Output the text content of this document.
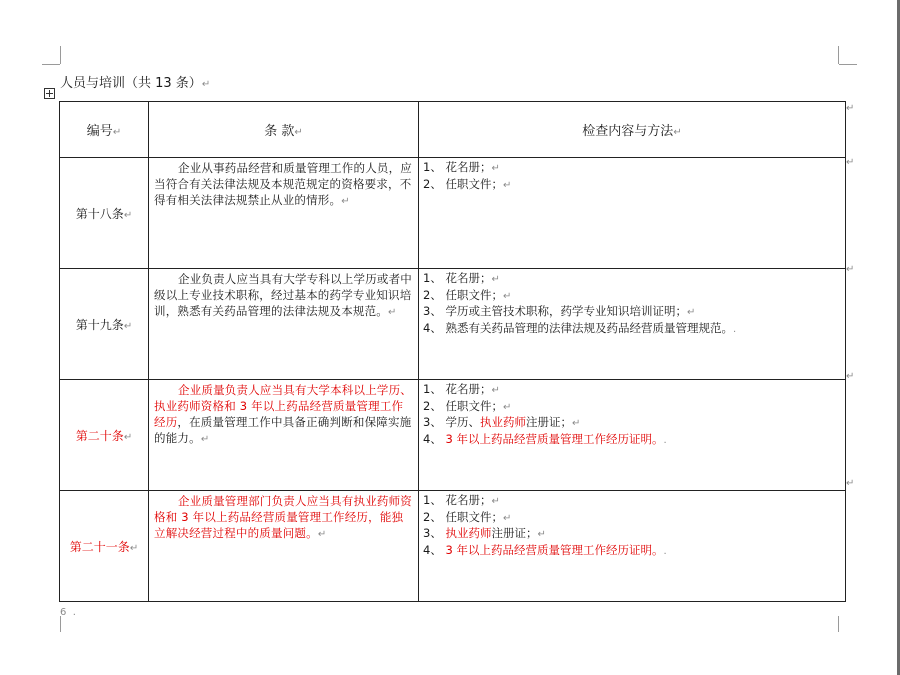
人员与培训（共 13 条）↵
编号↵	条 款↵	检查内容与方法↵
第十八条↵	企业从事药品经营和质量管理工作的人员，应当符合有关法律法规及本规范规定的资格要求，不得有相关法律法规禁止从业的情形。↵	1、 花名册；↵
2、 任职文件；↵

第十九条↵	企业负责人应当具有大学专科以上学历或者中级以上专业技术职称，经过基本的药学专业知识培训，熟悉有关药品管理的法律法规及本规范。↵	1、 花名册；↵
2、 任职文件；↵
3、 学历或主管技术职称，药学专业知识培训证明；↵
4、 熟悉有关药品管理的法律法规及药品经营质量管理规范。.

第二十条↵	企业质量负责人应当具有大学本科以上学历、执业药师资格和 3 年以上药品经营质量管理工作经历，在质量管理工作中具备正确判断和保障实施的能力。↵	1、 花名册；↵
2、 任职文件；↵
3、 学历、执业药师注册证；↵
4、 3 年以上药品经营质量管理工作经历证明。.

第二十一条↵	企业质量管理部门负责人应当具有执业药师资格和 3 年以上药品经营质量管理工作经历，能独立解决经营过程中的质量问题。↵	1、 花名册；↵
2、 任职文件；↵
3、 执业药师注册证；↵
4、 3 年以上药品经营质量管理工作经历证明。.
↵
↵
↵
↵
↵
6 .
